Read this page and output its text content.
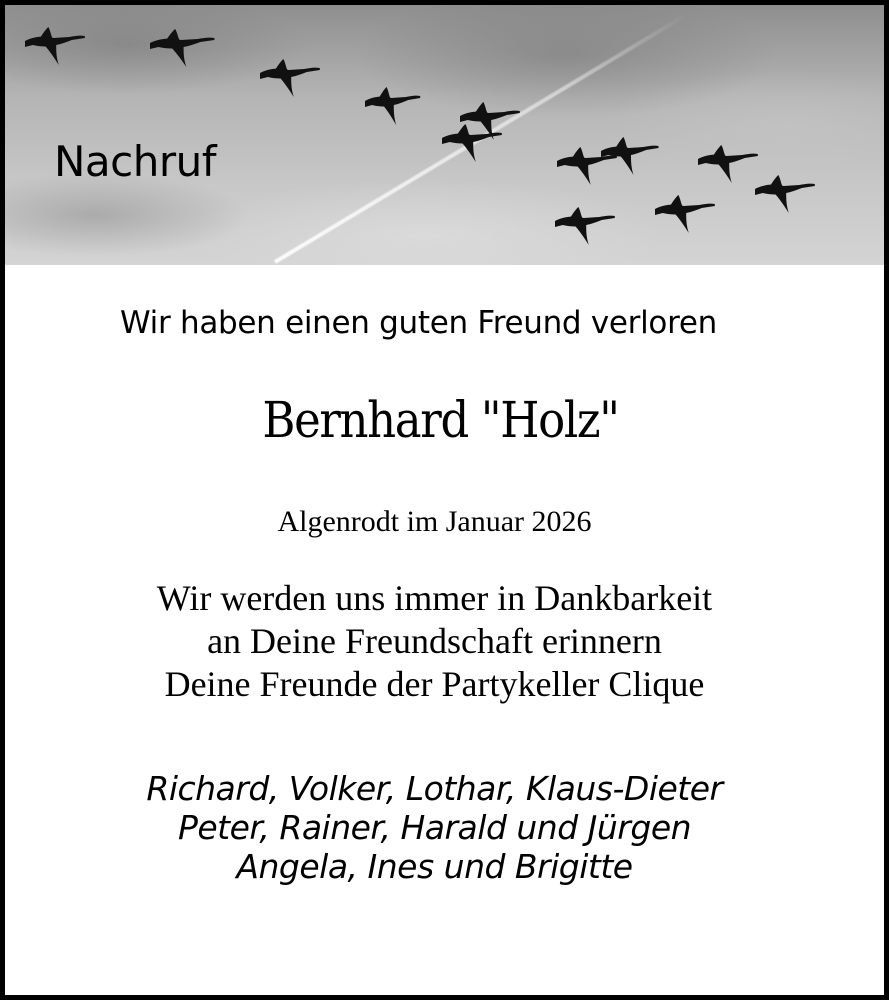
Nachruf

Wir haben einen guten Freund verloren

Bernhard "Holz"

Algenrodt im Januar 2026

Wir werden uns immer in Dankbarkeit
an Deine Freundschaft erinnern
Deine Freunde der Partykeller Clique

Richard, Volker, Lothar, Klaus-Dieter
Peter, Rainer, Harald und Jürgen
Angela, Ines und Brigitte
